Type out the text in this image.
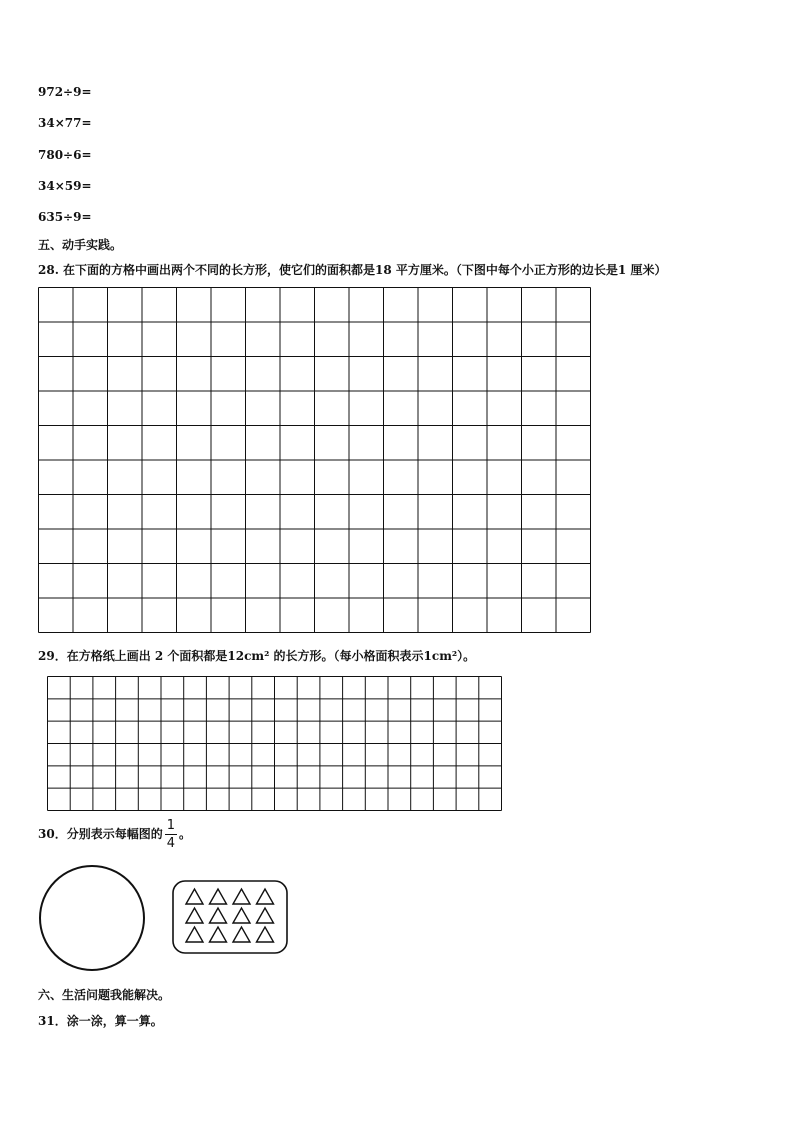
972÷9=
34×77=
780÷6=
34×59=
635÷9=
五、动手实践。
28. 在下面的方格中画出两个不同的长方形，使它们的面积都是18 平方厘米。（下图中每个小正方形的边长是1 厘米）
29．在方格纸上画出 2 个面积都是12cm² 的长方形。（每小格面积表示1cm²）。
30．分别表示每幅图的 $\frac{1}{4}$ 。
六、生活问题我能解决。
31．涂一涂，算一算。
